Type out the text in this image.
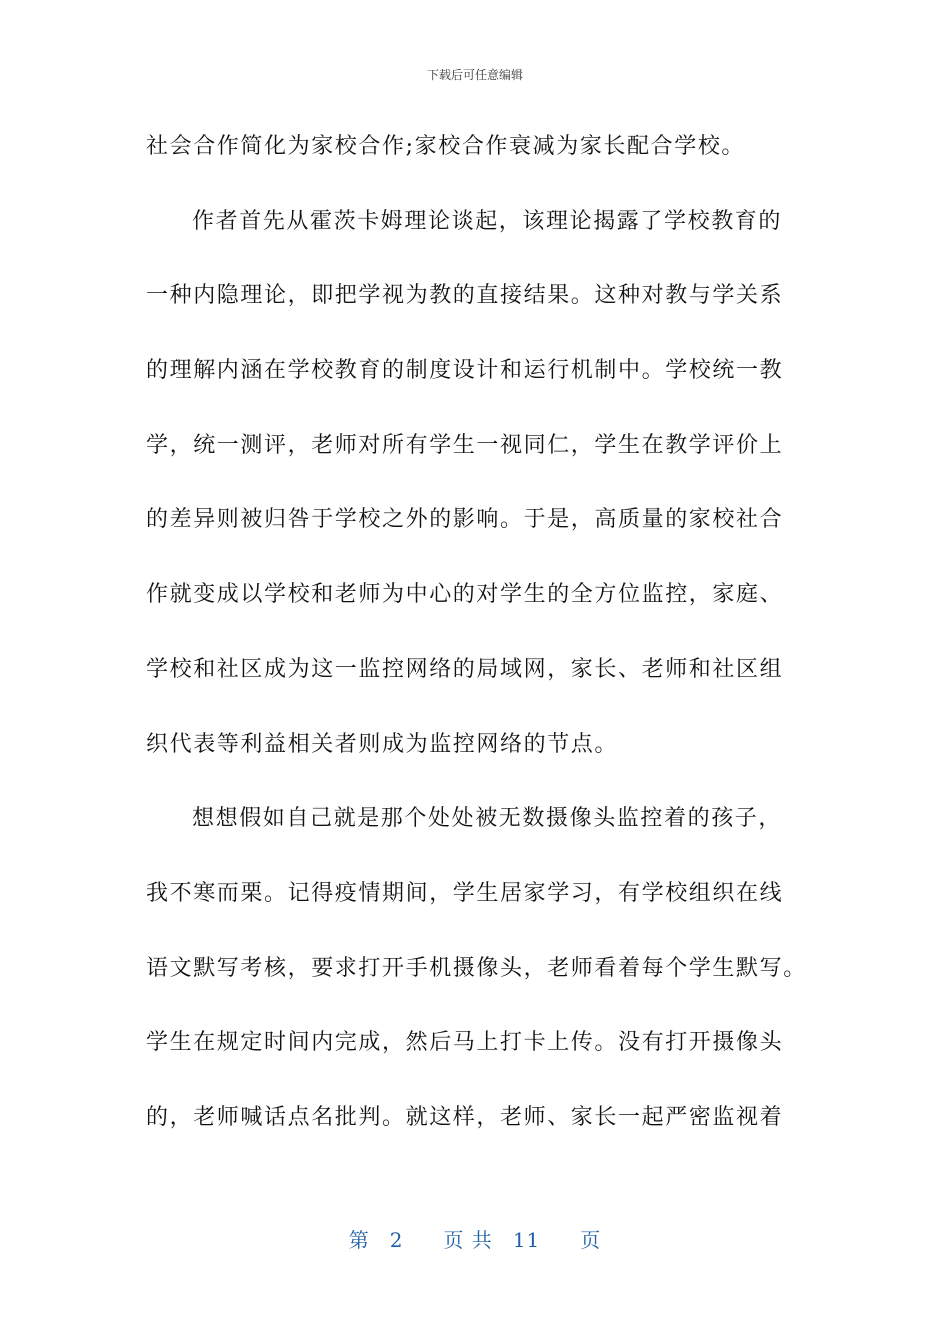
下载后可任意编辑
社会合作简化为家校合作;家校合作衰减为家长配合学校。
作者首先从霍茨卡姆理论谈起，该理论揭露了学校教育的
一种内隐理论，即把学视为教的直接结果。这种对教与学关系
的理解内涵在学校教育的制度设计和运行机制中。学校统一教
学，统一测评，老师对所有学生一视同仁，学生在教学评价上
的差异则被归咎于学校之外的影响。于是，高质量的家校社合
作就变成以学校和老师为中心的对学生的全方位监控，家庭、
学校和社区成为这一监控网络的局域网，家长、老师和社区组
织代表等利益相关者则成为监控网络的节点。
想想假如自己就是那个处处被无数摄像头监控着的孩子，
我不寒而栗。记得疫情期间，学生居家学习，有学校组织在线
语文默写考核，要求打开手机摄像头，老师看着每个学生默写。
学生在规定时间内完成，然后马上打卡上传。没有打开摄像头
的，老师喊话点名批判。就这样，老师、家长一起严密监视着
第 2 页 共 11 页
